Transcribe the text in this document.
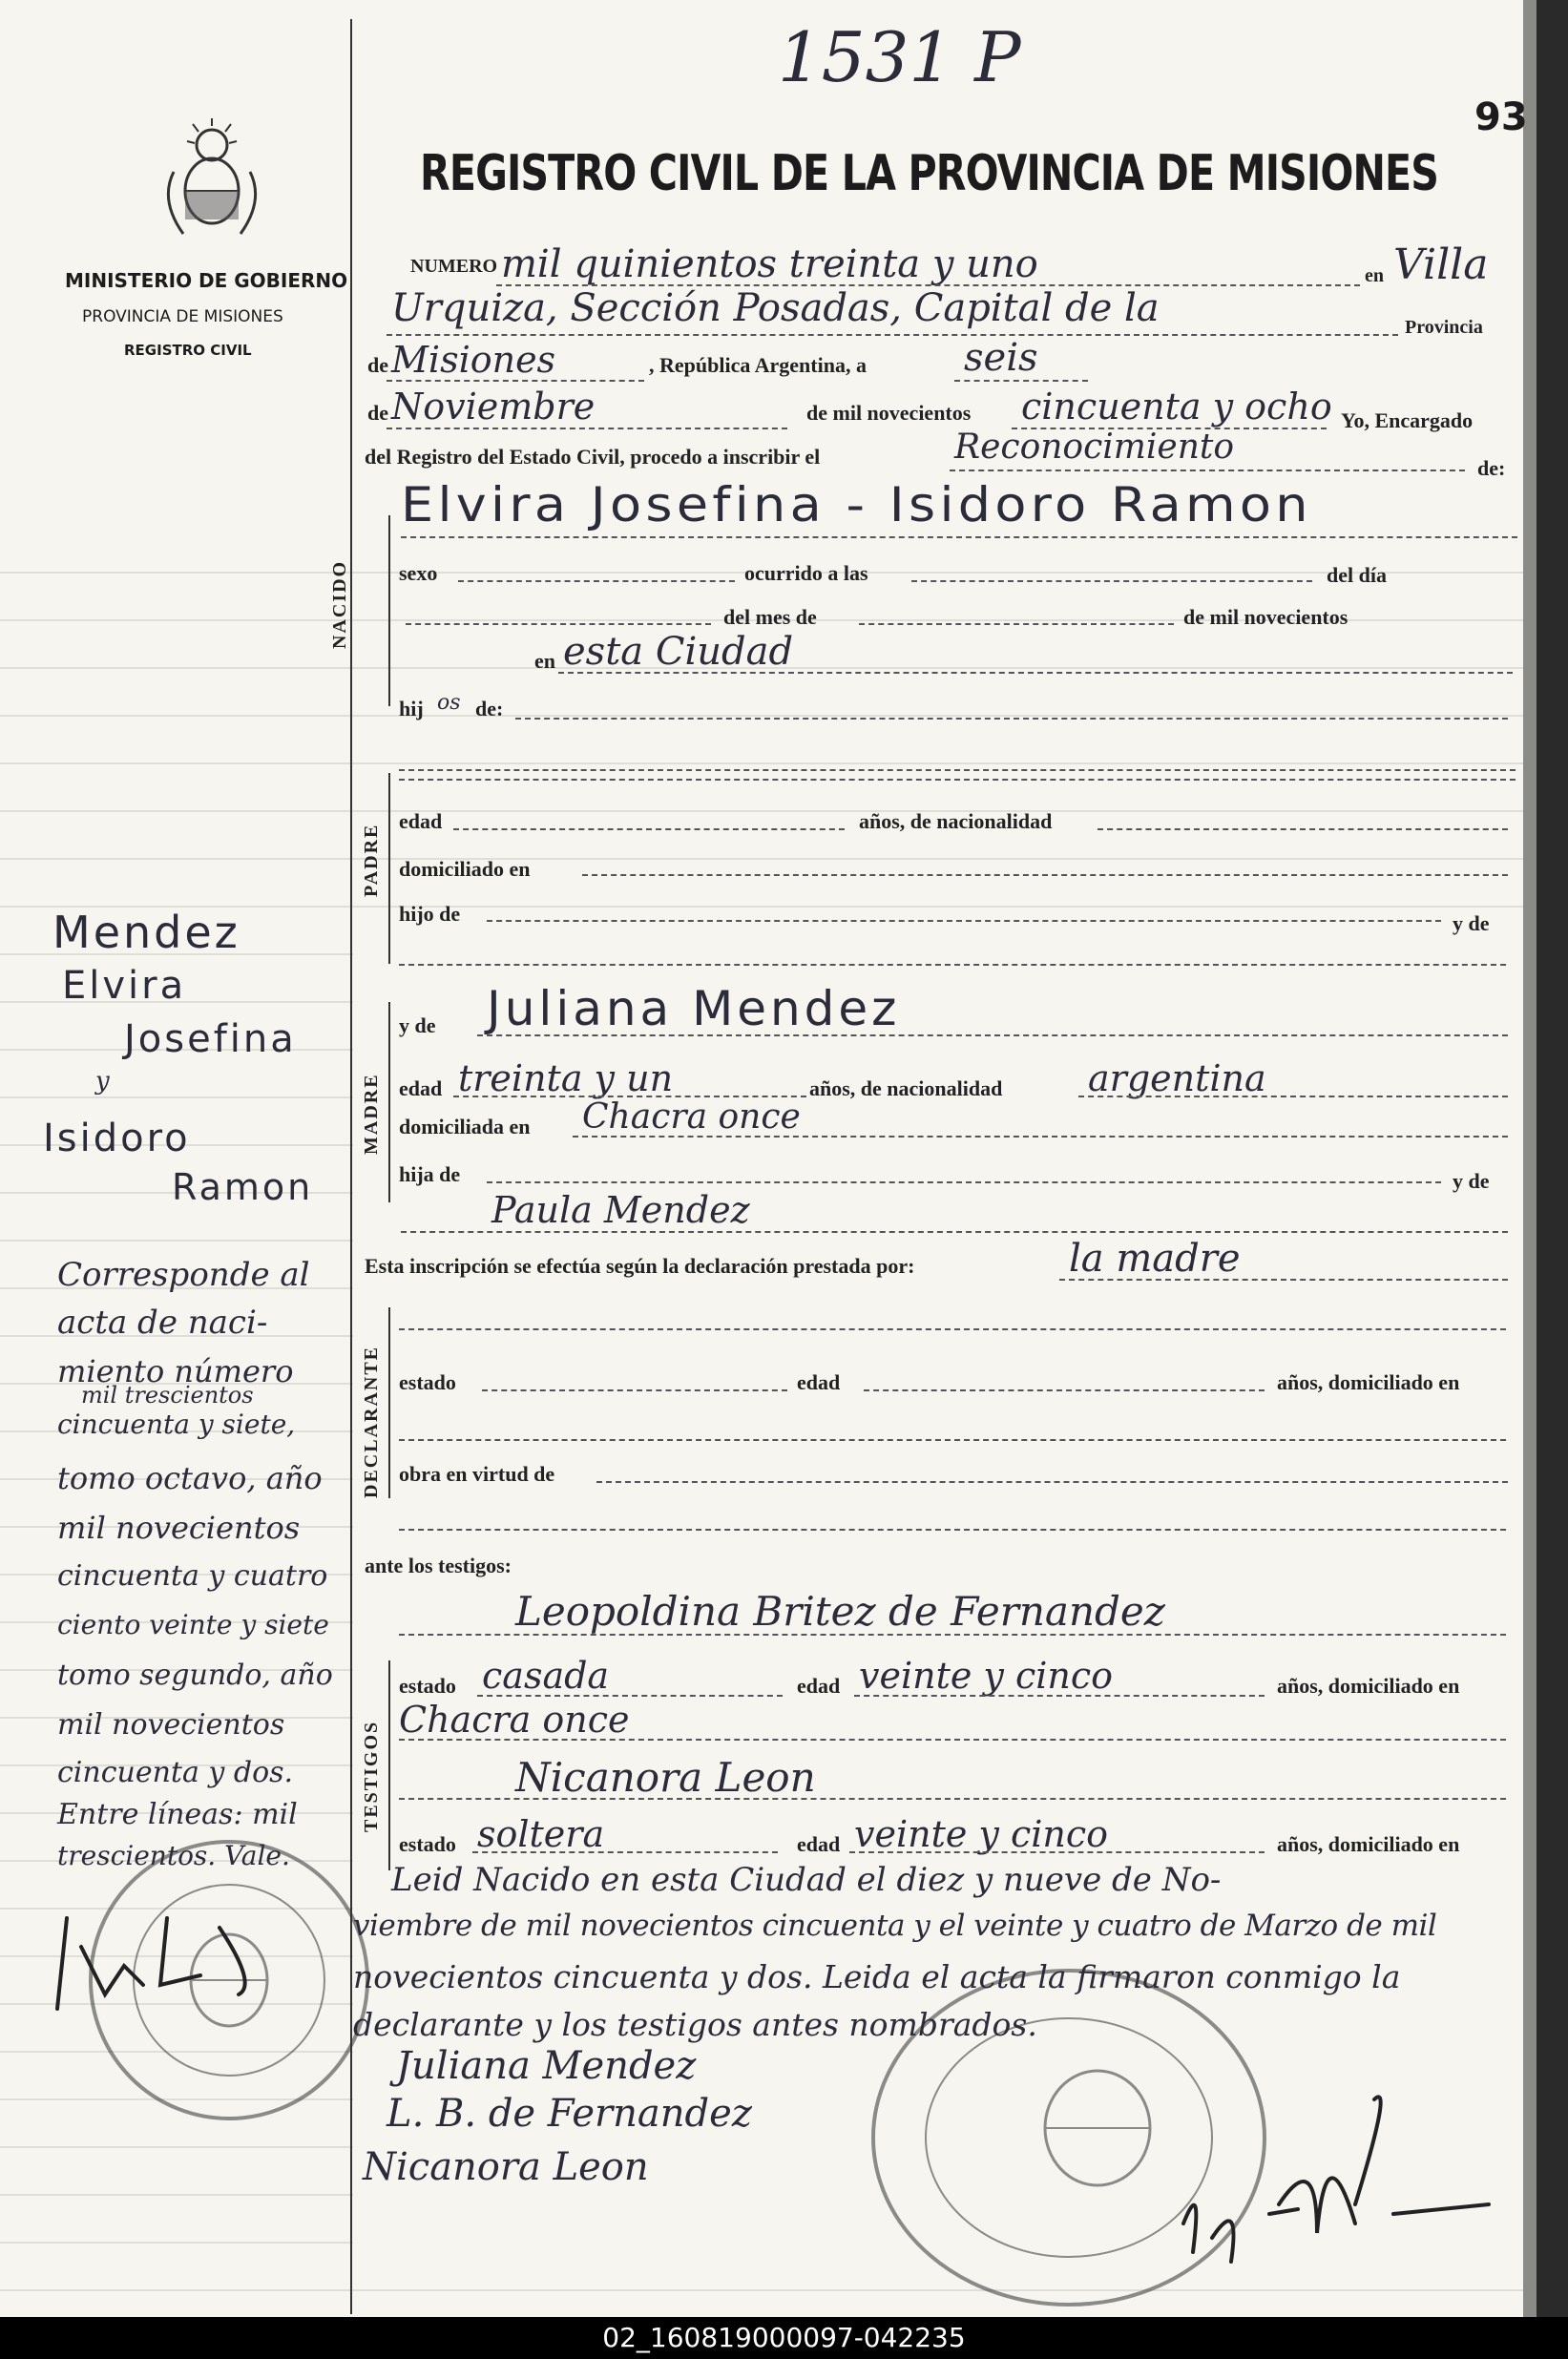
1531 P
93
REGISTRO CIVIL DE LA PROVINCIA DE MISIONES
MINISTERIO DE GOBIERNO
PROVINCIA DE MISIONES
REGISTRO CIVIL
NUMERO mil quinientos treinta y uno	en Villa
Urquiza, Sección Posadas, Capital de la	Provincia
de Misiones	, República Argentina, a	seis
de Noviembre	de mil novecientos cincuenta y ocho Yo, Encargado
del Registro del Estado Civil, procedo a inscribir el	Reconocimiento
de:
Elvira Josefina - Isidoro Ramon
NACIDO sexo	ocurrido a las	del día
del mes de	de mil novecientos
en esta Ciudad
hij os de:
PADRE
edad	años, de nacionalidad
domiciliado en
hijo de	y de
MADRE
y de Juliana Mendez
edad treinta y un	años, de nacionalidad argentina
domiciliada en Chacra once
hija de	y de
Paula Mendez
Esta inscripción se efectúa según la declaración prestada por:	la madre
DECLARANTE estado	edad	años, domiciliado en
obra en virtud de
ante los testigos:
TESTIGOS
Leopoldina Britez de Fernandez
estado casada	edad veinte y cinco	años, domiciliado en
Chacra once
Nicanora Leon
estado soltera	edad veinte y cinco	años, domiciliado en
Leid Nacido en esta Ciudad el diez y nueve de No-
viembre de mil novecientos cincuenta y el veinte y cuatro de Marzo de mil
novecientos cincuenta y dos. Leida el acta la firmaron conmigo la
declarante y los testigos antes nombrados.
Juliana Mendez
L. B. de Fernandez
Nicanora Leon
Mendez
Elvira
Josefina
y
Isidoro
Ramon
Corresponde al
acta de naci-
miento número
mil trescientos
cincuenta y siete,
tomo octavo, año
mil novecientos
cincuenta y cuatro
ciento veinte y siete
tomo segundo, año
mil novecientos
cincuenta y dos.
Entre líneas: mil
trescientos. Vale.
02_160819000097-042235
